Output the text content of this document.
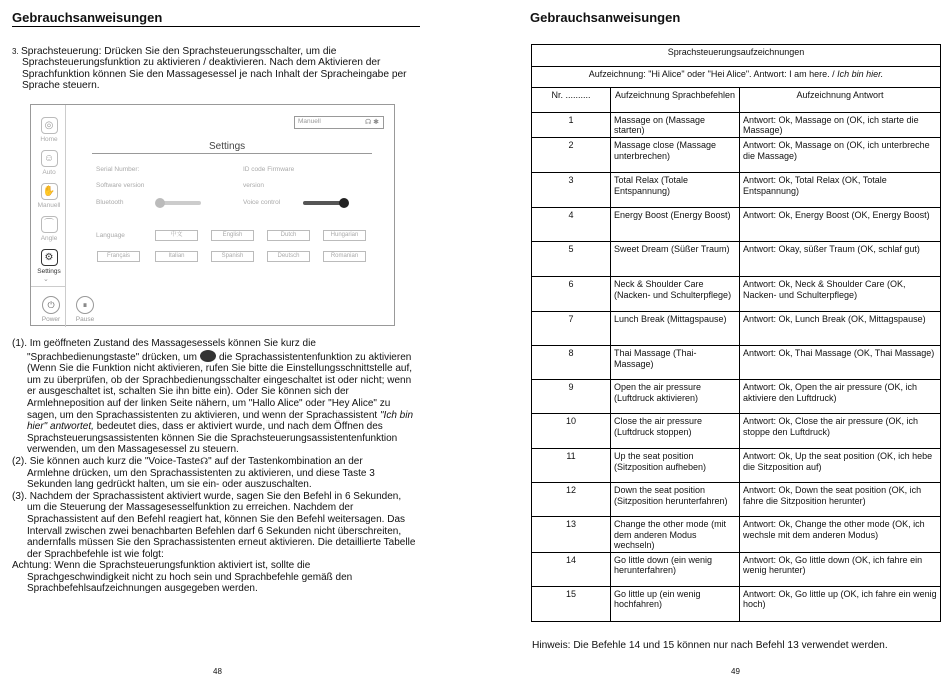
Gebrauchsanweisungen
3. Sprachsteuerung: Drücken Sie den Sprachsteuerungsschalter, um die
Sprachsteuerungsfunktion zu aktivieren / deaktivieren. Nach dem Aktivieren der
Sprachfunktion können Sie den Massagesessel je nach Inhalt der Spracheingabe per
Sprache steuern.
◎
Home
☺
Auto
✋
Manuell
⌒
Angle
⚙
Settings
⌄
Manuell	☊ ✱
Settings
Serial Number:	ID code Firmware
Software version	version
Bluetooth	Voice control
Language	中文	English	Dutch	Hungarian
Français	Italian	Spanish	Deutsch	Romanian
⏻
Power
⏸
Pause
(1). Im geöffneten Zustand des Massagesessels können Sie kurz die
"Sprachbedienungstaste" drücken, um die Sprachassistentenfunktion zu aktivieren
(Wenn Sie die Funktion nicht aktivieren, rufen Sie bitte die Einstellungsschnittstelle auf,
um zu überprüfen, ob der Sprachbedienungsschalter eingeschaltet ist oder nicht; wenn
er ausgeschaltet ist, schalten Sie ihn bitte ein). Oder Sie können sich der
Armlehneposition auf der linken Seite nähern, um "Hallo Alice" oder "Hey Alice" zu
sagen, um den Sprachassistenten zu aktivieren, und wenn der Sprachassistent "Ich bin
hier" antwortet, bedeutet dies, dass er aktiviert wurde, und nach dem Öffnen des
Sprachsteuerungsassistenten können Sie die Sprachsteuerungsassistentenfunktion
verwenden, um den Massagesessel zu steuern.
(2). Sie können auch kurz die "Voice-Taste☊" auf der Tastenkombination an der
Armlehne drücken, um den Sprachassistenten zu aktivieren, und diese Taste 3
Sekunden lang gedrückt halten, um sie ein- oder auszuschalten.
(3). Nachdem der Sprachassistent aktiviert wurde, sagen Sie den Befehl in 6 Sekunden,
um die Steuerung der Massagesesselfunktion zu erreichen. Nachdem der
Sprachassistent auf den Befehl reagiert hat, können Sie den Befehl weitersagen. Das
Intervall zwischen zwei benachbarten Befehlen darf 6 Sekunden nicht überschreiten,
andernfalls müssen Sie den Sprachassistenten erneut aktivieren. Die detaillierte Tabelle
der Sprachbefehle ist wie folgt:
Achtung: Wenn die Sprachsteuerungsfunktion aktiviert ist, sollte die
Sprachgeschwindigkeit nicht zu hoch sein und Sprachbefehle gemäß den
Sprachbefehlsaufzeichnungen ausgegeben werden.
48
Gebrauchsanweisungen
Sprachsteuerungsaufzeichnungen		
Aufzeichnung: "Hi Alice" oder "Hei Alice". Antwort: I am here. / Ich bin hier.		
Nr. ..........	Aufzeichnung Sprachbefehlen	Aufzeichnung Antwort
1	Massage on (Massage starten)	Antwort: Ok, Massage on (OK, ich starte die Massage)
2	Massage close (Massage unterbrechen)	Antwort: Ok, Massage on (OK, ich unterbreche die Massage)
3	Total Relax (Totale Entspannung)	Antwort: Ok, Total Relax (OK, Totale Entspannung)
4	Energy Boost (Energy Boost)	Antwort: Ok, Energy Boost (OK, Energy Boost)
5	Sweet Dream (Süßer Traum)	Antwort: Okay, süßer Traum (OK, schlaf gut)
6	Neck & Shoulder Care (Nacken- und Schulterpflege)	Antwort: Ok, Neck & Shoulder Care (OK, Nacken- und Schulterpflege)
7	Lunch Break (Mittagspause)	Antwort: Ok, Lunch Break (OK, Mittagspause)
8	Thai Massage (Thai-Massage)	Antwort: Ok, Thai Massage (OK, Thai Massage)
9	Open the air pressure (Luftdruck aktivieren)	Antwort: Ok, Open the air pressure (OK, ich aktiviere den Luftdruck)
10	Close the air pressure (Luftdruck stoppen)	Antwort: Ok, Close the air pressure (OK, ich stoppe den Luftdruck)
11	Up the seat position (Sitzposition aufheben)	Antwort: Ok, Up the seat position (OK, ich hebe die Sitzposition auf)
12	Down the seat position (Sitzposition herunterfahren)	Antwort: Ok, Down the seat position (OK, ich fahre die Sitzposition herunter)
13	Change the other mode (mit dem anderen Modus wechseln)	Antwort: Ok, Change the other mode (OK, ich wechsle mit dem anderen Modus)
14	Go little down (ein wenig herunterfahren)	Antwort: Ok, Go little down (OK, ich fahre ein wenig herunter)
15	Go little up (ein wenig hochfahren)	Antwort: Ok, Go little up (OK, ich fahre ein wenig hoch)
Hinweis: Die Befehle 14 und 15 können nur nach Befehl 13 verwendet werden.
49
